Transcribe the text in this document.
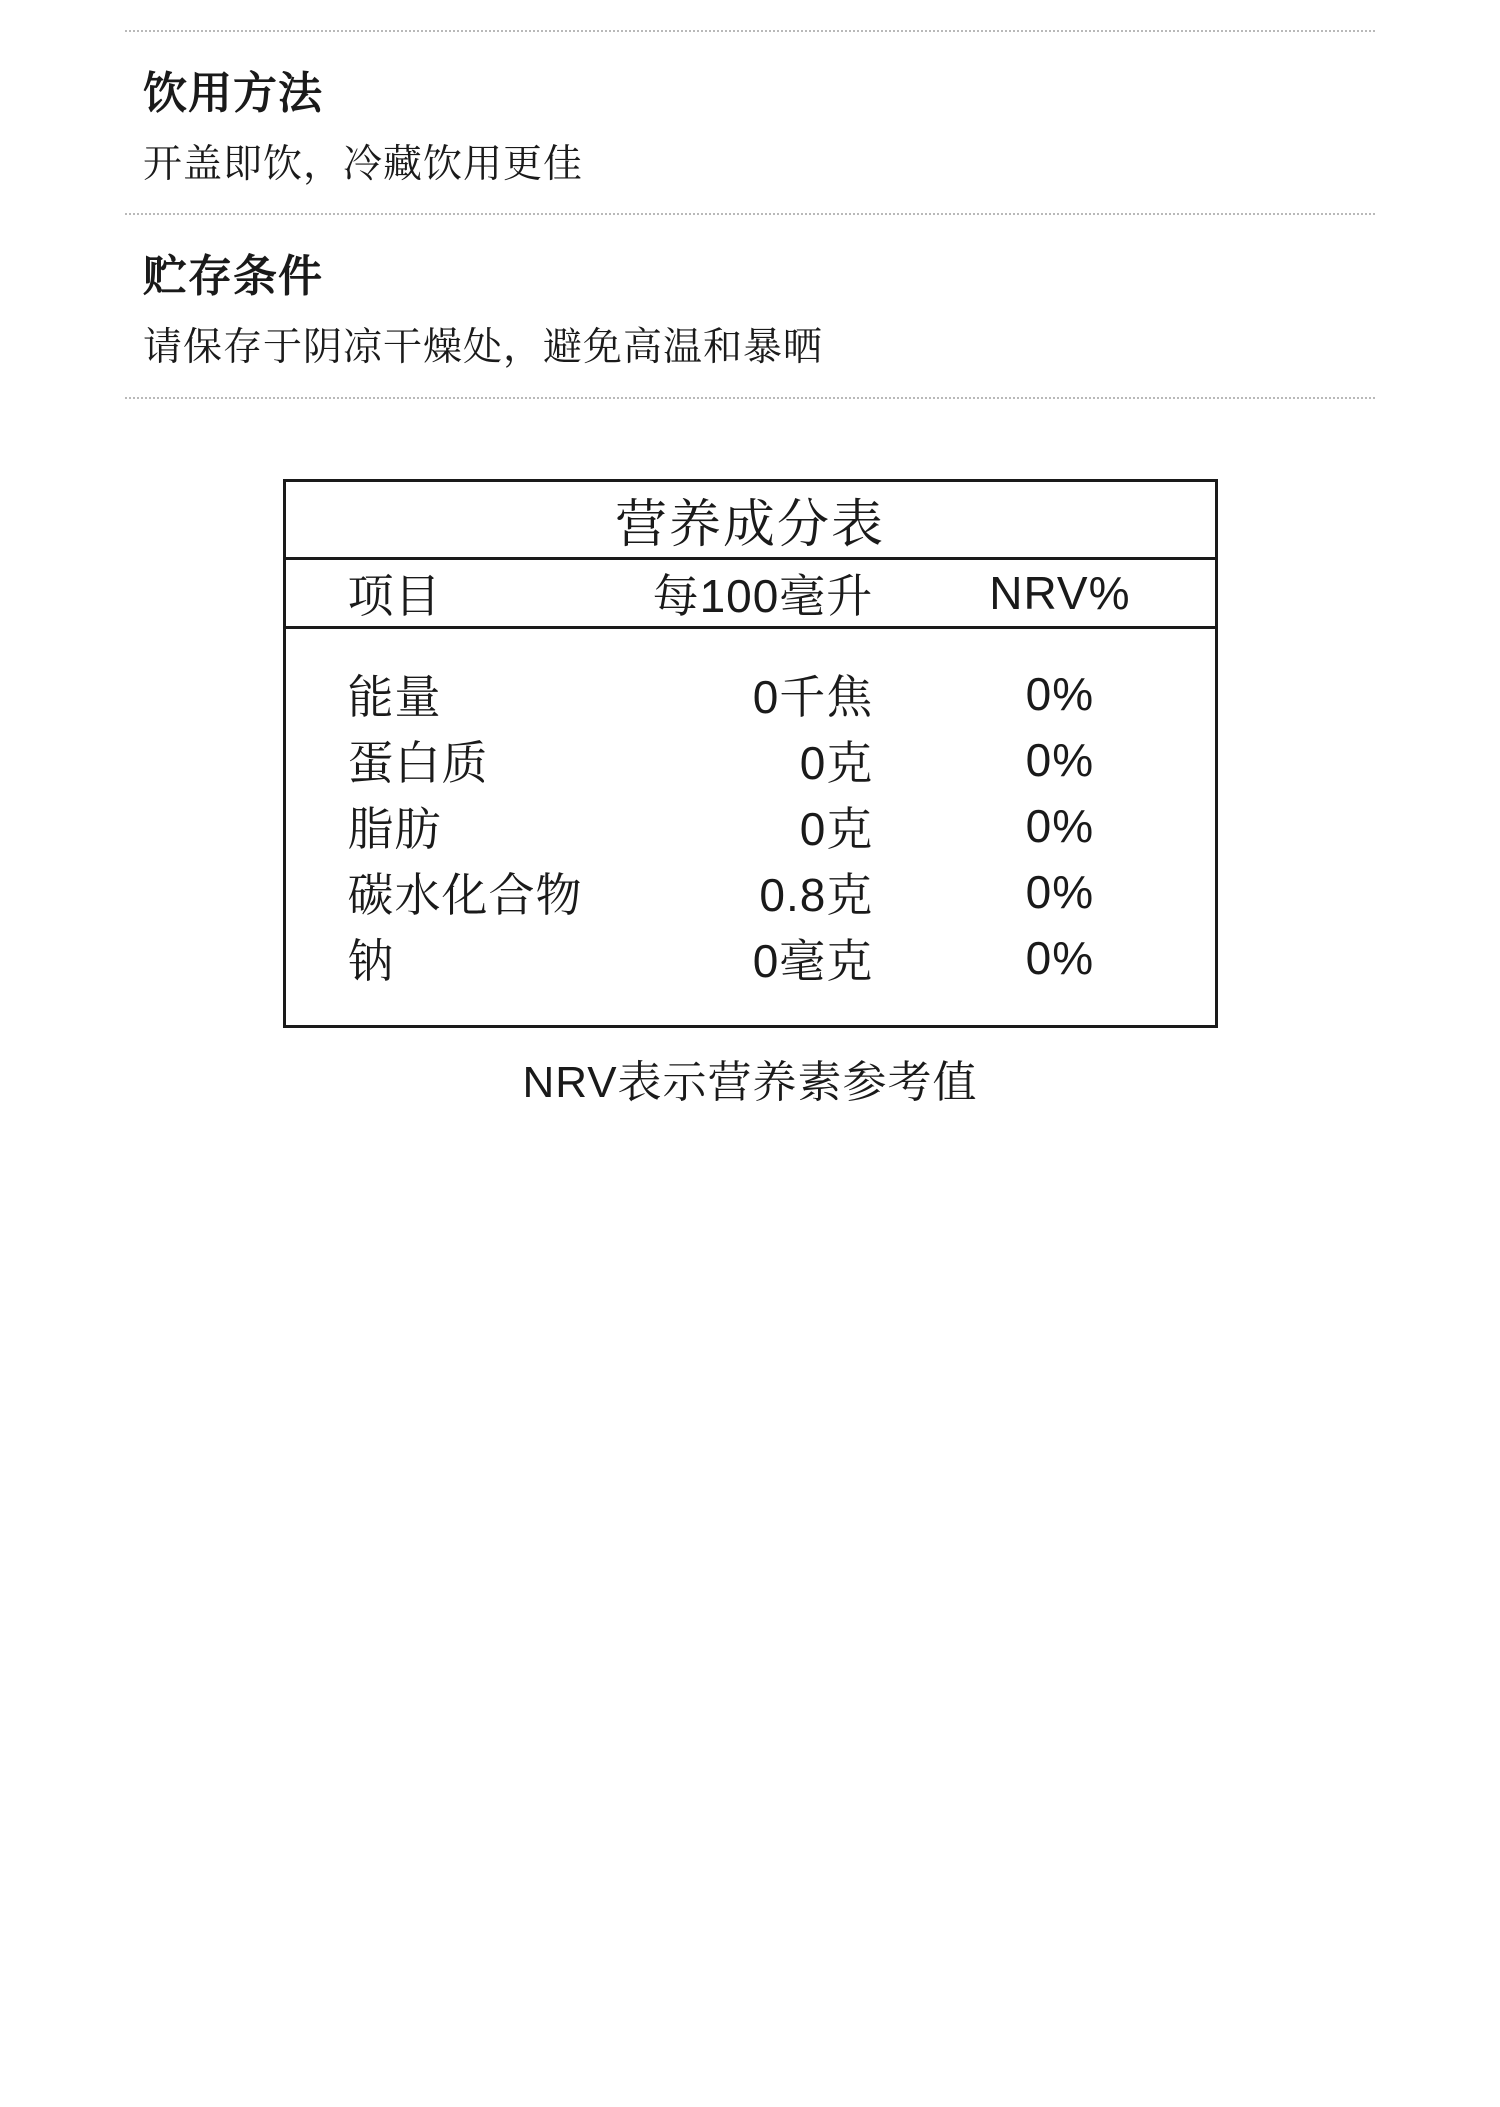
饮用方法

开盖即饮，冷藏饮用更佳

贮存条件

请保存于阴凉干燥处，避免高温和暴晒

营养成分表		
项目	每100毫升	NRV%
能量	0千焦	0%
蛋白质	0克	0%
脂肪	0克	0%
碳水化合物	0.8克	0%
钠	0毫克	0%

NRV表示营养素参考值
